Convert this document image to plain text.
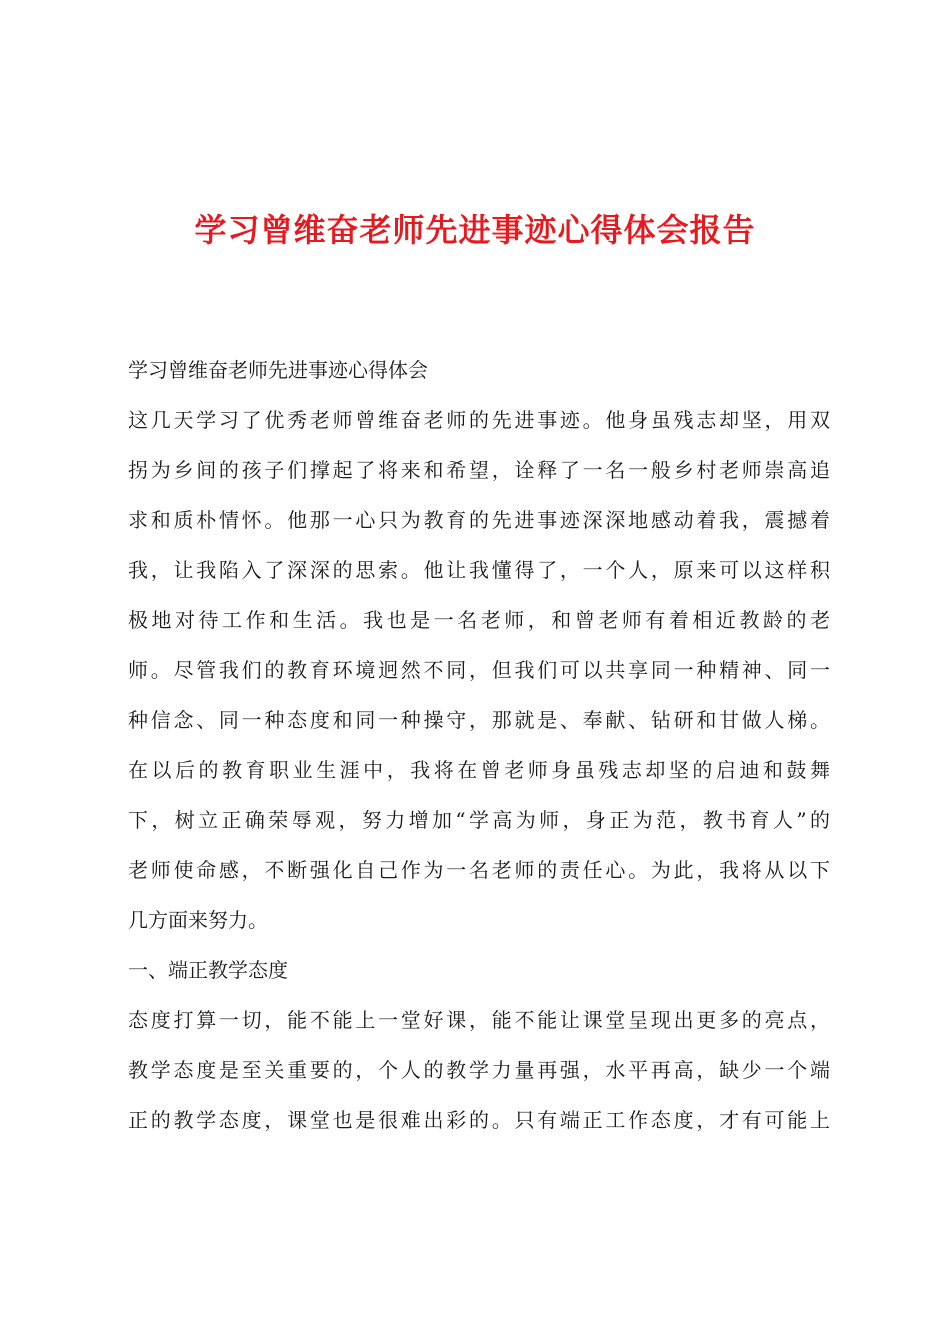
学习曾维奋老师先进事迹心得体会报告
学习曾维奋老师先进事迹心得体会
这几天学习了优秀老师曾维奋老师的先进事迹。他身虽残志却坚，用双
拐为乡间的孩子们撑起了将来和希望，诠释了一名一般乡村老师崇高追
求和质朴情怀。他那一心只为教育的先进事迹深深地感动着我，震撼着
我，让我陷入了深深的思索。他让我懂得了，一个人，原来可以这样积
极地对待工作和生活。我也是一名老师，和曾老师有着相近教龄的老
师。尽管我们的教育环境迥然不同，但我们可以共享同一种精神、同一
种信念、同一种态度和同一种操守，那就是、奉献、钻研和甘做人梯。
在以后的教育职业生涯中，我将在曾老师身虽残志却坚的启迪和鼓舞
下，树立正确荣辱观，努力增加“学高为师，身正为范，教书育人”的
老师使命感，不断强化自己作为一名老师的责任心。为此，我将从以下
几方面来努力。
一、端正教学态度
态度打算一切，能不能上一堂好课，能不能让课堂呈现出更多的亮点，
教学态度是至关重要的，个人的教学力量再强，水平再高，缺少一个端
正的教学态度，课堂也是很难出彩的。只有端正工作态度，才有可能上
